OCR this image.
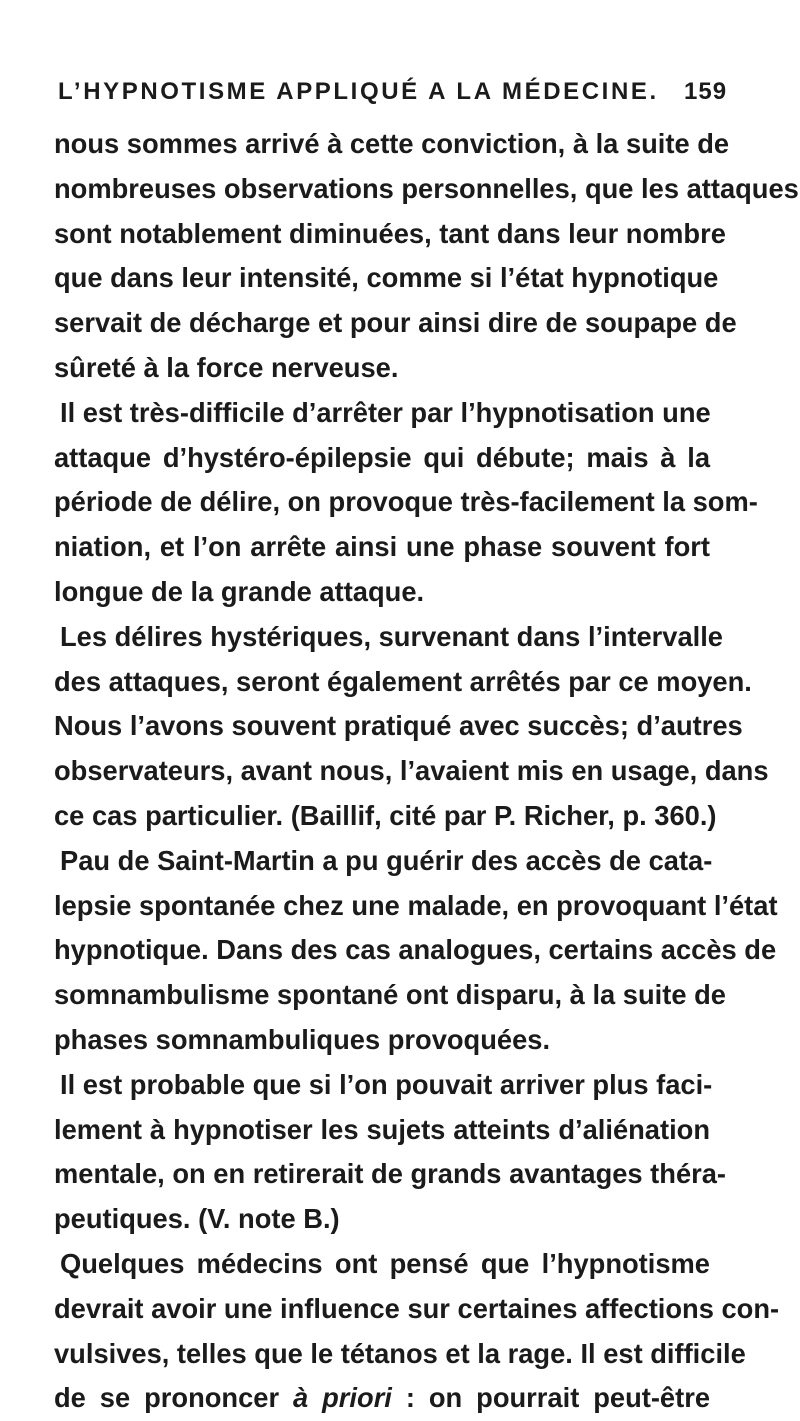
L’HYPNOTISME APPLIQUÉ A LA MÉDECINE. 159
nous sommes arrivé à cette conviction, à la suite de
nombreuses observations personnelles, que les attaques
sont notablement diminuées, tant dans leur nombre
que dans leur intensité, comme si l’état hypnotique
servait de décharge et pour ainsi dire de soupape de
sûreté à la force nerveuse.
Il est très-difficile d’arrêter par l’hypnotisation une
attaque d’hystéro-épilepsie qui débute; mais à la
période de délire, on provoque très-facilement la som-
niation, et l’on arrête ainsi une phase souvent fort
longue de la grande attaque.
Les délires hystériques, survenant dans l’intervalle
des attaques, seront également arrêtés par ce moyen.
Nous l’avons souvent pratiqué avec succès; d’autres
observateurs, avant nous, l’avaient mis en usage, dans
ce cas particulier. (Baillif, cité par P. Richer, p. 360.)
Pau de Saint-Martin a pu guérir des accès de cata-
lepsie spontanée chez une malade, en provoquant l’état
hypnotique. Dans des cas analogues, certains accès de
somnambulisme spontané ont disparu, à la suite de
phases somnambuliques provoquées.
Il est probable que si l’on pouvait arriver plus faci-
lement à hypnotiser les sujets atteints d’aliénation
mentale, on en retirerait de grands avantages théra-
peutiques. (V. note B.)
Quelques médecins ont pensé que l’hypnotisme
devrait avoir une influence sur certaines affections con-
vulsives, telles que le tétanos et la rage. Il est difficile
de se prononcer à priori : on pourrait peut-être
